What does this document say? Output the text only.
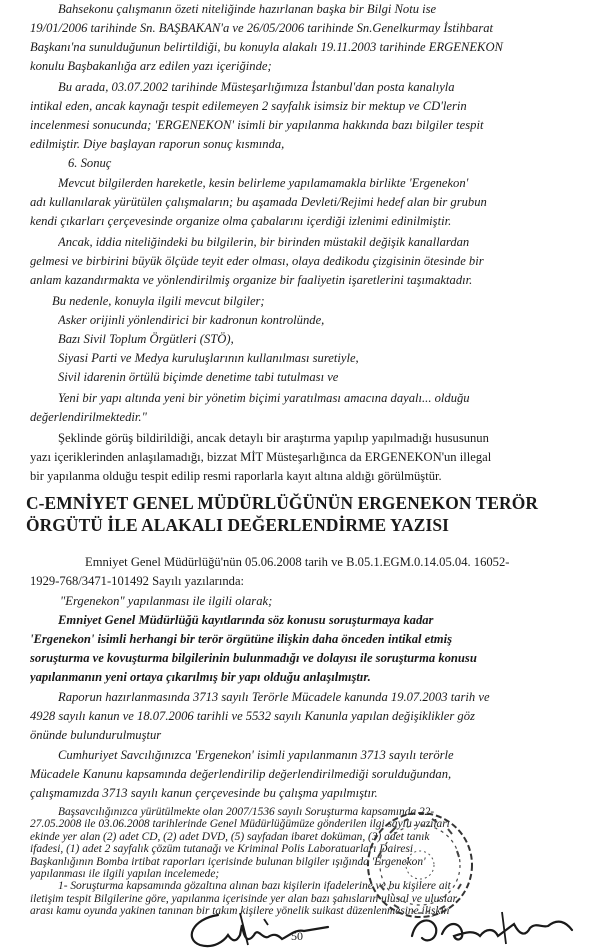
Bahsekonu çalışmanın özeti niteliğinde hazırlanan başka bir Bilgi Notu ise
19/01/2006 tarihinde Sn. BAŞBAKAN'a ve 26/05/2006 tarihinde Sn.Genelkurmay İstihbarat
Başkanı'na sunulduğunun belirtildiği, bu konuyla alakalı 19.11.2003 tarihinde ERGENEKON
konulu Başbakanlığa arz edilen yazı içeriğinde;
Bu arada, 03.07.2002 tarihinde Müsteşarlığımıza İstanbul'dan posta kanalıyla
intikal eden, ancak kaynağı tespit edilemeyen 2 sayfalık isimsiz bir mektup ve CD'lerin
incelenmesi sonucunda; 'ERGENEKON' isimli bir yapılanma hakkında bazı bilgiler tespit
edilmiştir. Diye başlayan raporun sonuç kısmında,
6. Sonuç
Mevcut bilgilerden hareketle, kesin belirleme yapılamamakla birlikte 'Ergenekon'
adı kullanılarak yürütülen çalışmaların; bu aşamada Devleti/Rejimi hedef alan bir grubun
kendi çıkarları çerçevesinde organize olma çabalarını içerdiği izlenimi edinilmiştir.
Ancak, iddia niteliğindeki bu bilgilerin, bir birinden müstakil değişik kanallardan
gelmesi ve birbirini büyük ölçüde teyit eder olması, olaya dedikodu çizgisinin ötesinde bir
anlam kazandırmakta ve yönlendirilmiş organize bir faaliyetin işaretlerini taşımaktadır.
Bu nedenle, konuyla ilgili mevcut bilgiler;
Asker orijinli yönlendirici bir kadronun kontrolünde,
Bazı Sivil Toplum Örgütleri (STÖ),
Siyasi Parti ve Medya kuruluşlarının kullanılması suretiyle,
Sivil idarenin örtülü biçimde denetime tabi tutulması ve
Yeni bir yapı altında yeni bir yönetim biçimi yaratılması amacına dayalı... olduğu
değerlendirilmektedir."
Şeklinde görüş bildirildiği, ancak detaylı bir araştırma yapılıp yapılmadığı hususunun
yazı içeriklerinden anlaşılamadığı, bizzat MİT Müsteşarlığınca da ERGENEKON'un illegal
bir yapılanma olduğu tespit edilip resmi raporlarla kayıt altına aldığı görülmüştür.
Emniyet Genel Müdürlüğü'nün 05.06.2008 tarih ve B.05.1.EGM.0.14.05.04. 16052-
1929-768/3471-101492 Sayılı yazılarında:
"Ergenekon" yapılanması ile ilgili olarak;
Emniyet Genel Müdürlüğü kayıtlarında söz konusu soruşturmaya kadar
'Ergenekon' isimli herhangi bir terör örgütüne ilişkin daha önceden intikal etmiş
soruşturma ve kovuşturma bilgilerinin bulunmadığı ve dolayısı ile soruşturma konusu
yapılanmanın yeni ortaya çıkarılmış bir yapı olduğu anlaşılmıştır.
Raporun hazırlanmasında 3713 sayılı Terörle Mücadele kanunda 19.07.2003 tarih ve
4928 sayılı kanun ve 18.07.2006 tarihli ve 5532 sayılı Kanunla yapılan değişiklikler göz
önünde bulundurulmuştur
Cumhuriyet Savcılığınızca 'Ergenekon' isimli yapılanmanın 3713 sayılı terörle
Mücadele Kanunu kapsamında değerlendirilip değerlendirilmediği sorulduğundan,
çalışmamızda 3713 sayılı kanun çerçevesinde bu çalışma yapılmıştır.
Başsavcılığınızca yürütülmekte olan 2007/1536 sayılı Soruşturma kapsamında 22-
27.05.2008 ile 03.06.2008 tarihlerinde Genel Müdürlüğümüze gönderilen ilgi sayılı yazıları
ekinde yer alan (2) adet CD, (2) adet DVD, (5) sayfadan ibaret doküman, (3) adet tanık
ifadesi, (1) adet 2 sayfalık çözüm tutanağı ve Kriminal Polis Laboratuarları Dairesi
Başkanlığının Bomba irtibat raporları içerisinde bulunan bilgiler ışığında 'Ergenekon'
yapılanması ile ilgili yapılan incelemede;
1- Soruşturma kapsamında gözaltına alınan bazı kişilerin ifadelerine ve bu kişilere ait
iletişim tespit Bilgilerine göre, yapılanma içerisinde yer alan bazı şahısların ulusal ve uluslar
arası kamu oyunda yakinen tanınan bir takım kişilere yönelik suikast düzenlenmesine ilişkin
C-EMNİYET GENEL MÜDÜRLÜĞÜNÜN ERGENEKON TERÖR
ÖRGÜTÜ İLE ALAKALI DEĞERLENDİRME YAZISI
50
